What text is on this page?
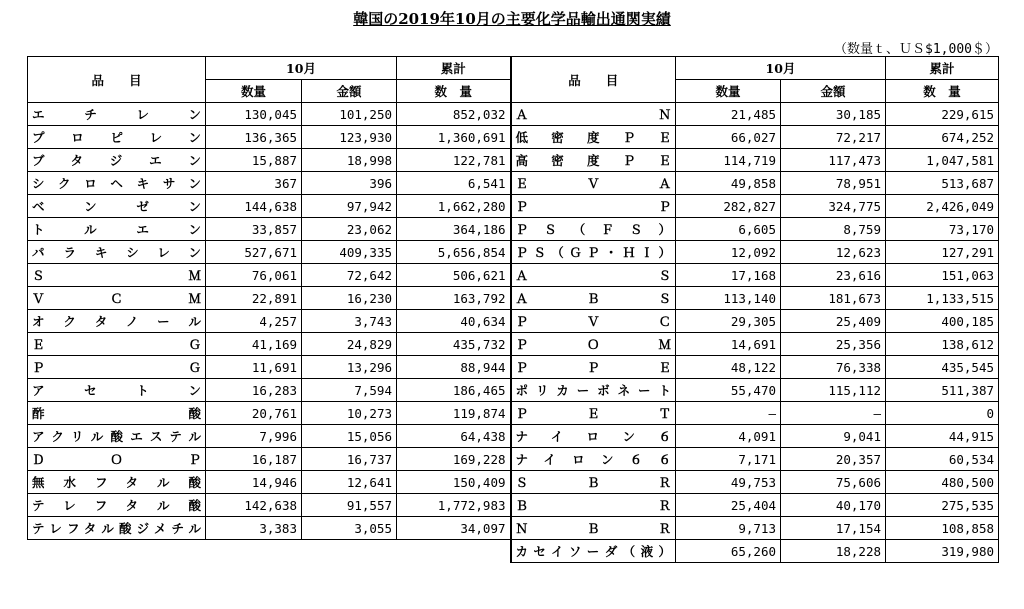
韓国の2019年10月の主要化学品輸出通関実績
（数量ｔ、ＵＳ$1,000＄）
品　　目	10月		累計	品　　目	10月		累計
	数量	金額	数　量		数量	金額	数　量
エチレン	130,045	101,250	852,032	ＡＮ	21,485	30,185	229,615
プロピレン	136,365	123,930	1,360,691	低密度ＰＥ	66,027	72,217	674,252
ブタジエン	15,887	18,998	122,781	高密度ＰＥ	114,719	117,473	1,047,581
シクロヘキサン	367	396	6,541	ＥＶＡ	49,858	78,951	513,687
ベンゼン	144,638	97,942	1,662,280	ＰＰ	282,827	324,775	2,426,049
トルエン	33,857	23,062	364,186	ＰＳ（ＦＳ）	6,605	8,759	73,170
パラキシレン	527,671	409,335	5,656,854	ＰＳ（ＧＰ・ＨＩ）	12,092	12,623	127,291
ＳＭ	76,061	72,642	506,621	ＡＳ	17,168	23,616	151,063
ＶＣＭ	22,891	16,230	163,792	ＡＢＳ	113,140	181,673	1,133,515
オクタノール	4,257	3,743	40,634	ＰＶＣ	29,305	25,409	400,185
ＥＧ	41,169	24,829	435,732	ＰＯＭ	14,691	25,356	138,612
ＰＧ	11,691	13,296	88,944	ＰＰＥ	48,122	76,338	435,545
アセトン	16,283	7,594	186,465	ポリカーボネート	55,470	115,112	511,387
酢酸	20,761	10,273	119,874	ＰＥＴ	—	—	0
アクリル酸エステル	7,996	15,056	64,438	ナイロン６	4,091	9,041	44,915
ＤＯＰ	16,187	16,737	169,228	ナイロン６６	7,171	20,357	60,534
無水フタル酸	14,946	12,641	150,409	ＳＢＲ	49,753	75,606	480,500
テレフタル酸	142,638	91,557	1,772,983	ＢＲ	25,404	40,170	275,535
テレフタル酸ジメチル	3,383	3,055	34,097	ＮＢＲ	9,713	17,154	108,858
				カセイソーダ（液）	65,260	18,228	319,980
